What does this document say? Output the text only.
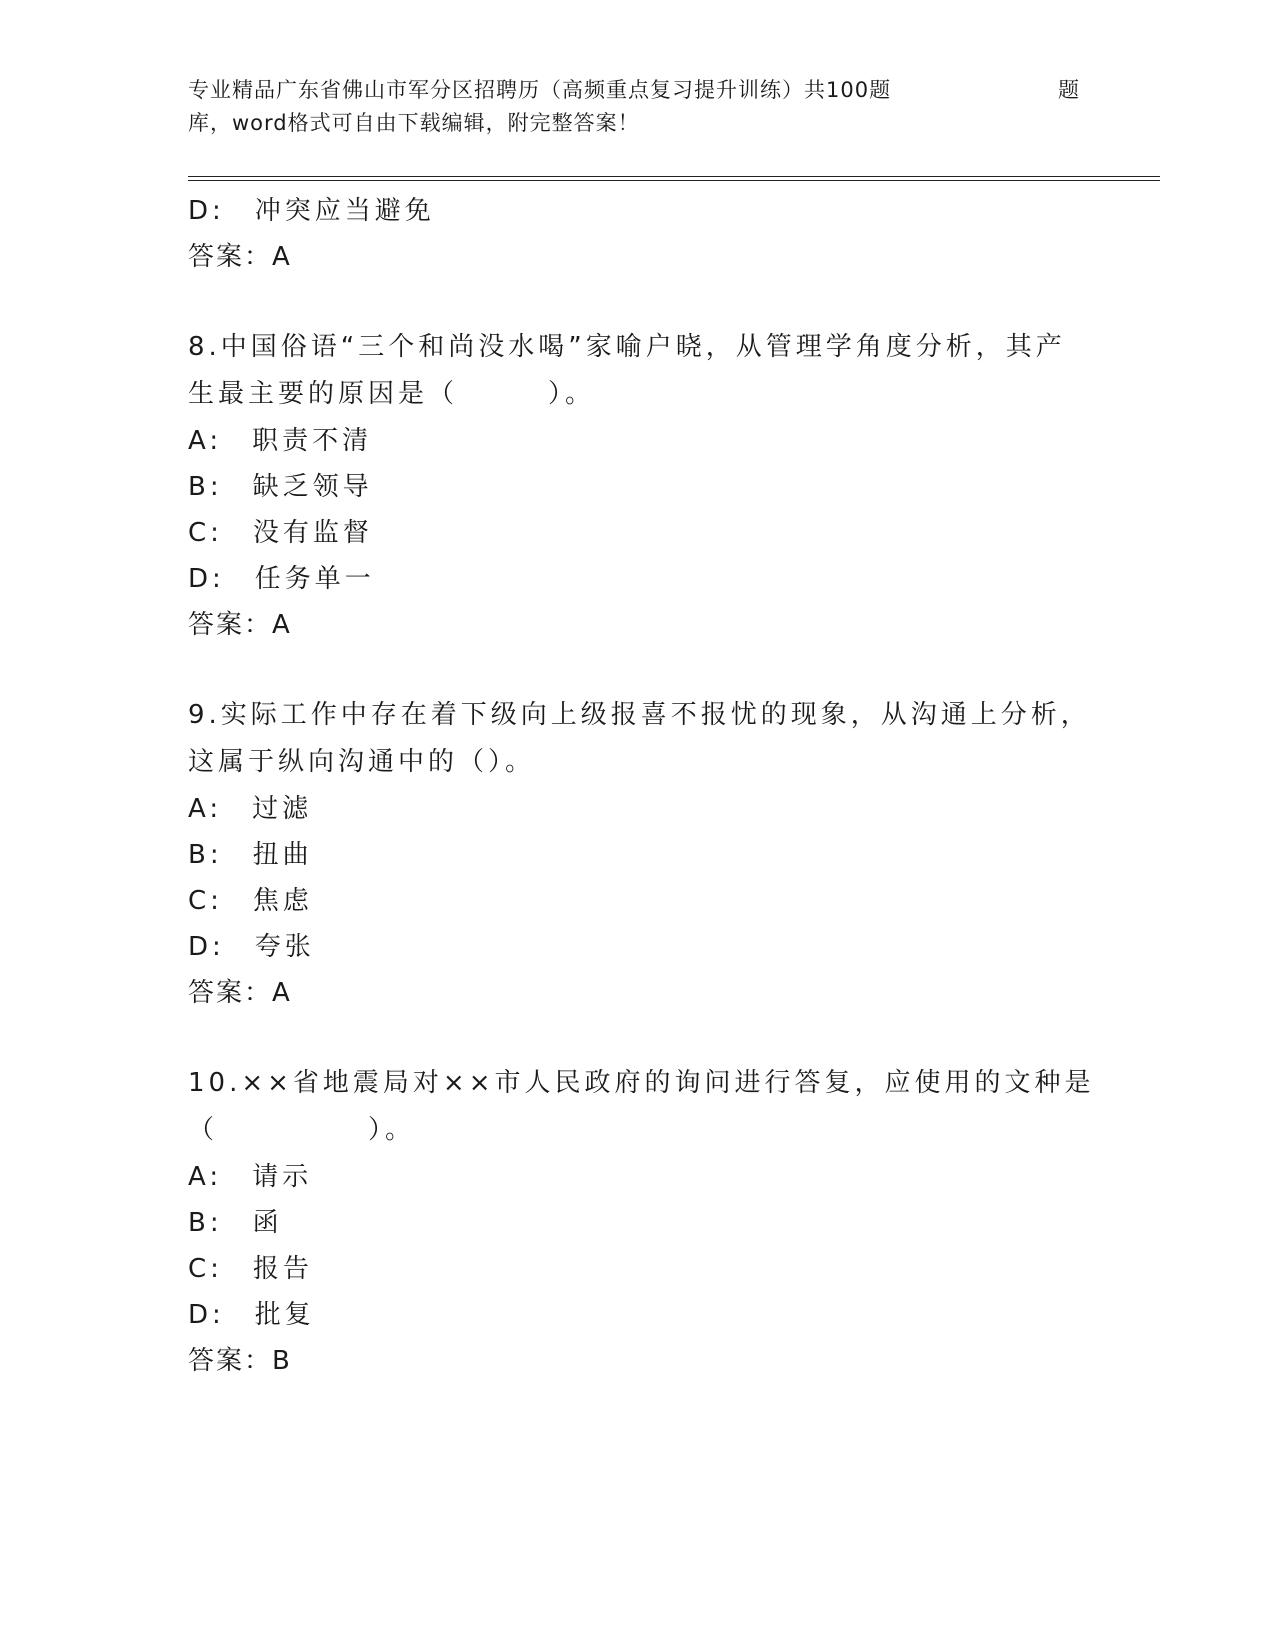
专业精品广东省佛山市军分区招聘历（高频重点复习提升训练）共100题	题
库，word格式可自由下载编辑，附完整答案！
D:　冲突应当避免
答案：A
8.中国俗语“三个和尚没水喝”家喻户晓，从管理学角度分析，其产
生最主要的原因是（　　　）。
A:　职责不清
B:　缺乏领导
C:　没有监督
D:　任务单一
答案：A
9.实际工作中存在着下级向上级报喜不报忧的现象，从沟通上分析，
这属于纵向沟通中的（）。
A:　过滤
B:　扭曲
C:　焦虑
D:　夸张
答案：A
10.××省地震局对××市人民政府的询问进行答复，应使用的文种是
（　　　　　）。
A:　请示
B:　函
C:　报告
D:　批复
答案：B
